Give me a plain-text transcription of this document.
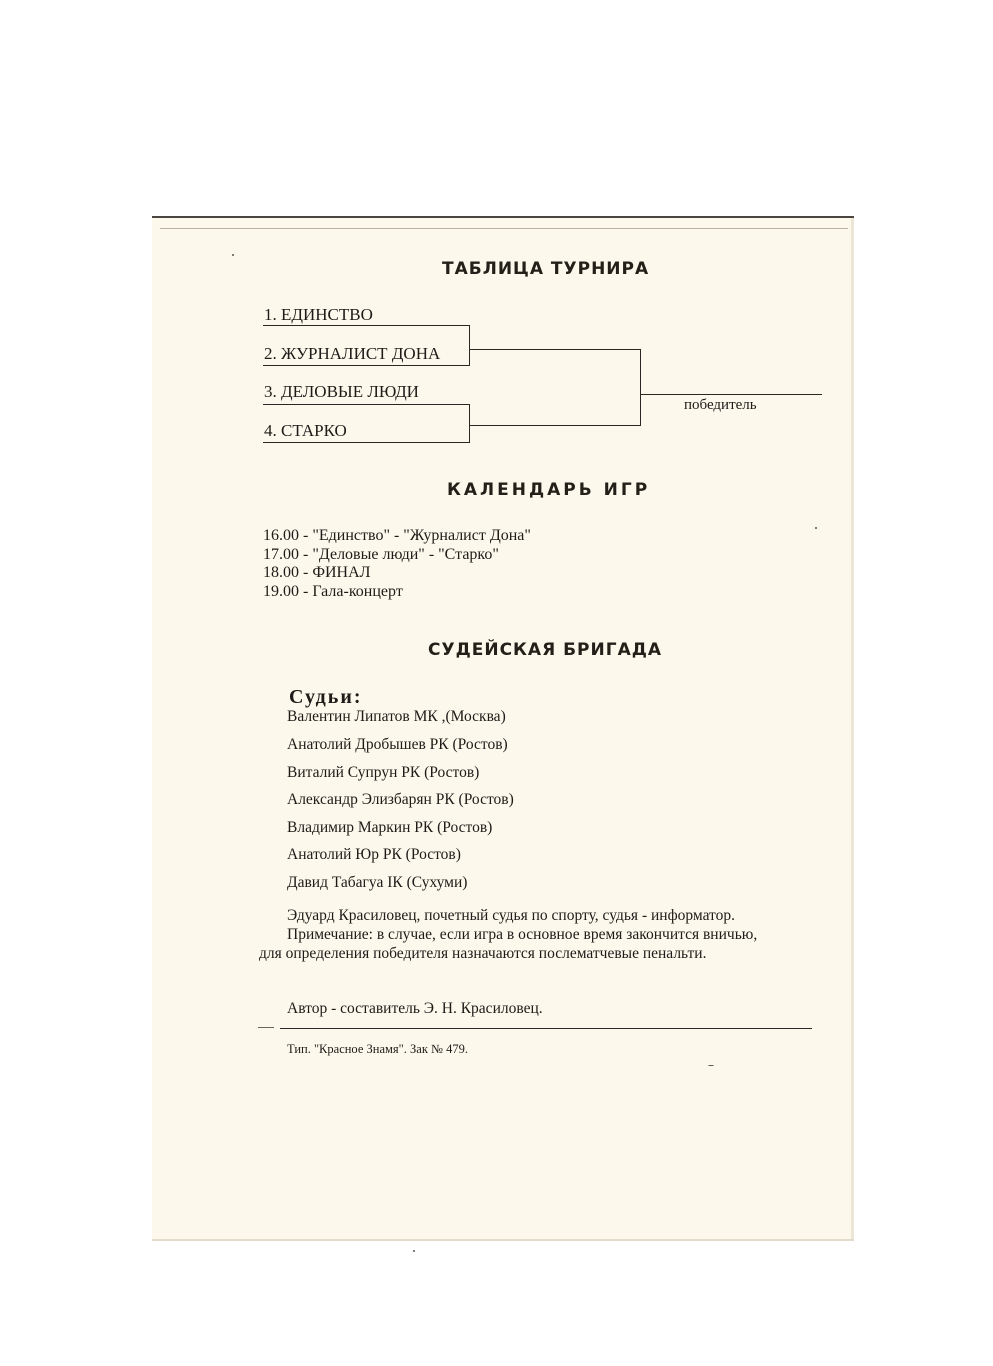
ТАБЛИЦА ТУРНИРА
1. ЕДИНСТВО
2. ЖУРНАЛИСТ ДОНА
3. ДЕЛОВЫЕ ЛЮДИ
4. СТАРКО
победитель
КАЛЕНДАРЬ ИГР
16.00 - "Единство" - "Журналист Дона"
17.00 - "Деловые люди" - "Старко"
18.00 - ФИНАЛ
19.00 - Гала-концерт
СУДЕЙСКАЯ БРИГАДА
Судьи:
Валентин Липатов МК ,(Москва)
Анатолий Дробышев РК (Ростов)
Виталий Супрун РК (Ростов)
Александр Элизбарян РК (Ростов)
Владимир Маркин РК (Ростов)
Анатолий Юр РК (Ростов)
Давид Табагуа IК (Сухуми)
Эдуард Красиловец, почетный судья по спорту, судья - информатор.
Примечание: в случае, если игра в основное время закончится вничью,
для определения победителя назначаются послематчевые пенальти.
Автор - составитель Э. Н. Красиловец.
Тип. "Красное Знамя". Зак № 479.
